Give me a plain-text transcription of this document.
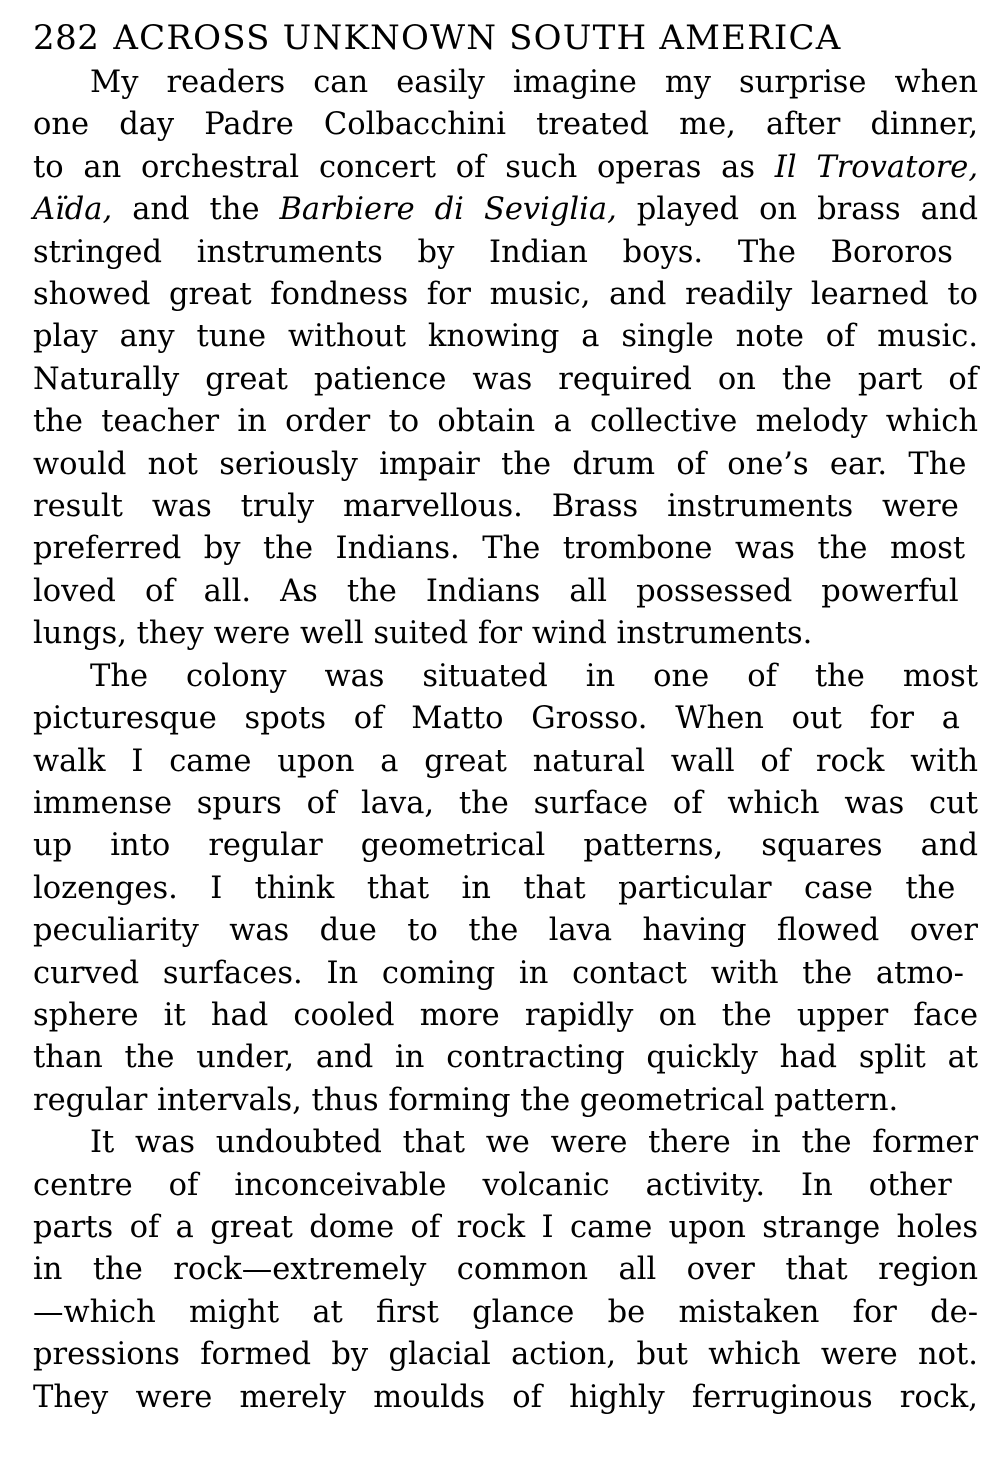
282 ACROSS UNKNOWN SOUTH AMERICA
My readers can easily imagine my surprise when
one day Padre Colbacchini treated me, after dinner,
to an orchestral concert of such operas as Il Trovatore,
Aïda, and the Barbiere di Seviglia, played on brass and
stringed instruments by Indian boys. The Bororos
showed great fondness for music, and readily learned to
play any tune without knowing a single note of music.
Naturally great patience was required on the part of
the teacher in order to obtain a collective melody which
would not seriously impair the drum of one’s ear. The
result was truly marvellous. Brass instruments were
preferred by the Indians. The trombone was the most
loved of all. As the Indians all possessed powerful
lungs, they were well suited for wind instruments.
The colony was situated in one of the most
picturesque spots of Matto Grosso. When out for a
walk I came upon a great natural wall of rock with
immense spurs of lava, the surface of which was cut
up into regular geometrical patterns, squares and
lozenges. I think that in that particular case the
peculiarity was due to the lava having flowed over
curved surfaces. In coming in contact with the atmo-
sphere it had cooled more rapidly on the upper face
than the under, and in contracting quickly had split at
regular intervals, thus forming the geometrical pattern.
It was undoubted that we were there in the former
centre of inconceivable volcanic activity. In other
parts of a great dome of rock I came upon strange holes
in the rock—extremely common all over that region
—which might at first glance be mistaken for de-
pressions formed by glacial action, but which were not.
They were merely moulds of highly ferruginous rock,
